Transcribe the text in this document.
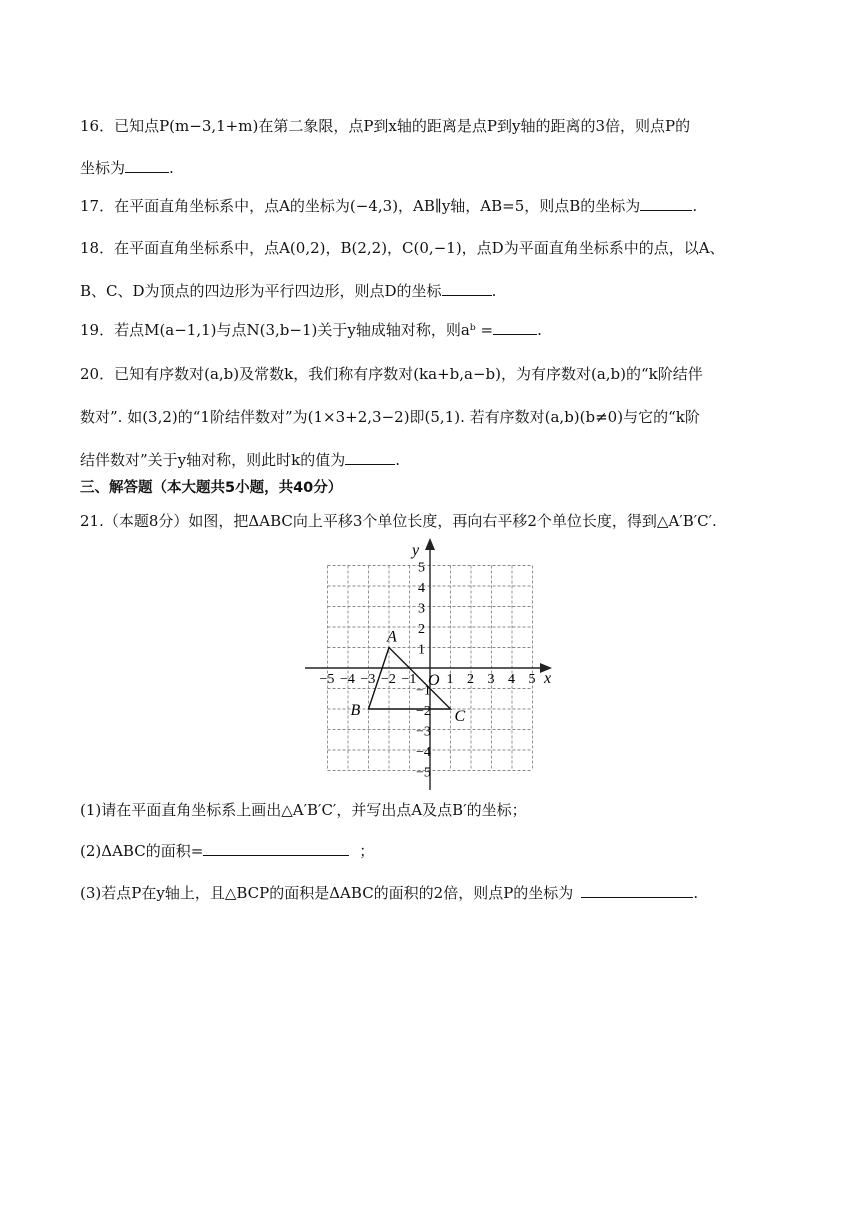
16．已知点P(m−3,1+m)在第二象限，点P到x轴的距离是点P到y轴的距离的3倍，则点P的
坐标为	.
17．在平面直角坐标系中，点A的坐标为(−4,3)，AB∥y轴，AB=5，则点B的坐标为	.
18．在平面直角坐标系中，点A(0,2)，B(2,2)，C(0,−1)，点D为平面直角坐标系中的点，以A、
B、C、D为顶点的四边形为平行四边形，则点D的坐标	.
19．若点M(a−1,1)与点N(3,b−1)关于y轴成轴对称，则aᵇ =	.
20．已知有序数对(a,b)及常数k，我们称有序数对(ka+b,a−b)，为有序数对(a,b)的“k阶结伴
数对”. 如(3,2)的“1阶结伴数对”为(1×3+2,3−2)即(5,1). 若有序数对(a,b)(b≠0)与它的“k阶
结伴数对”关于y轴对称，则此时k的值为	.
三、解答题（本大题共5小题，共40分）
21.（本题8分）如图，把ΔABC向上平移3个单位长度，再向右平移2个单位长度，得到△A′B′C′.
x
y
O
−5 −4 −3 −2 −1 1 2 3 4 5
5
4
3
2
1
−1
−2
−3
−4
−5
A
B	C
(1)请在平面直角坐标系上画出△A′B′C′，并写出点A及点B′的坐标；
(2)ΔABC的面积=	；
(3)若点P在y轴上，且△BCP的面积是ΔABC的面积的2倍，则点P的坐标为	.
